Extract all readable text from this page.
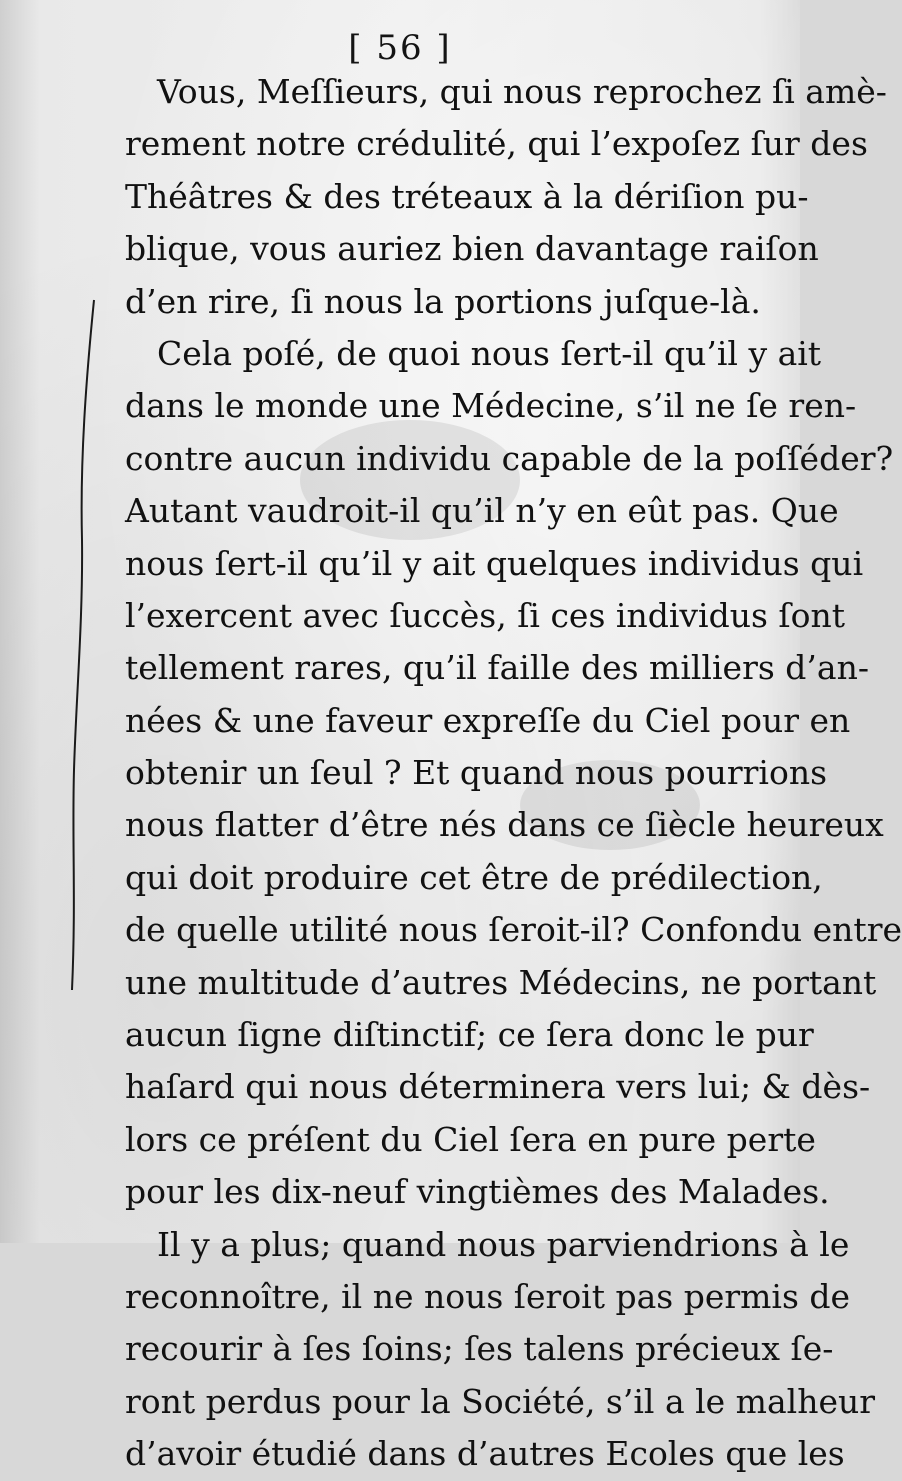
[ 56 ]
Vous, Meſſieurs, qui nous reprochez ſi amè-
rement notre crédulité, qui l’expoſez ſur des
Théâtres & des tréteaux à la dériſion pu-
blique, vous auriez bien davantage raiſon
d’en rire, ſi nous la portions juſque-là.
Cela poſé, de quoi nous ſert-il qu’il y ait
dans le monde une Médecine, s’il ne ſe ren-
contre aucun individu capable de la poſſéder?
Autant vaudroit-il qu’il n’y en eût pas. Que
nous ſert-il qu’il y ait quelques individus qui
l’exercent avec ſuccès, ſi ces individus ſont
tellement rares, qu’il faille des milliers d’an-
nées & une faveur expreſſe du Ciel pour en
obtenir un ſeul ? Et quand nous pourrions
nous flatter d’être nés dans ce ſiècle heureux
qui doit produire cet être de prédilection,
de quelle utilité nous ſeroit-il? Confondu entre
une multitude d’autres Médecins, ne portant
aucun ſigne diſtinctif; ce ſera donc le pur
haſard qui nous déterminera vers lui; & dès-
lors ce préſent du Ciel ſera en pure perte
pour les dix-neuf vingtièmes des Malades.
Il y a plus; quand nous parviendrions à le
reconnoître, il ne nous ſeroit pas permis de
recourir à ſes ſoins; ſes talens précieux ſe-
ront perdus pour la Société, s’il a le malheur
d’avoir étudié dans d’autres Ecoles que les
